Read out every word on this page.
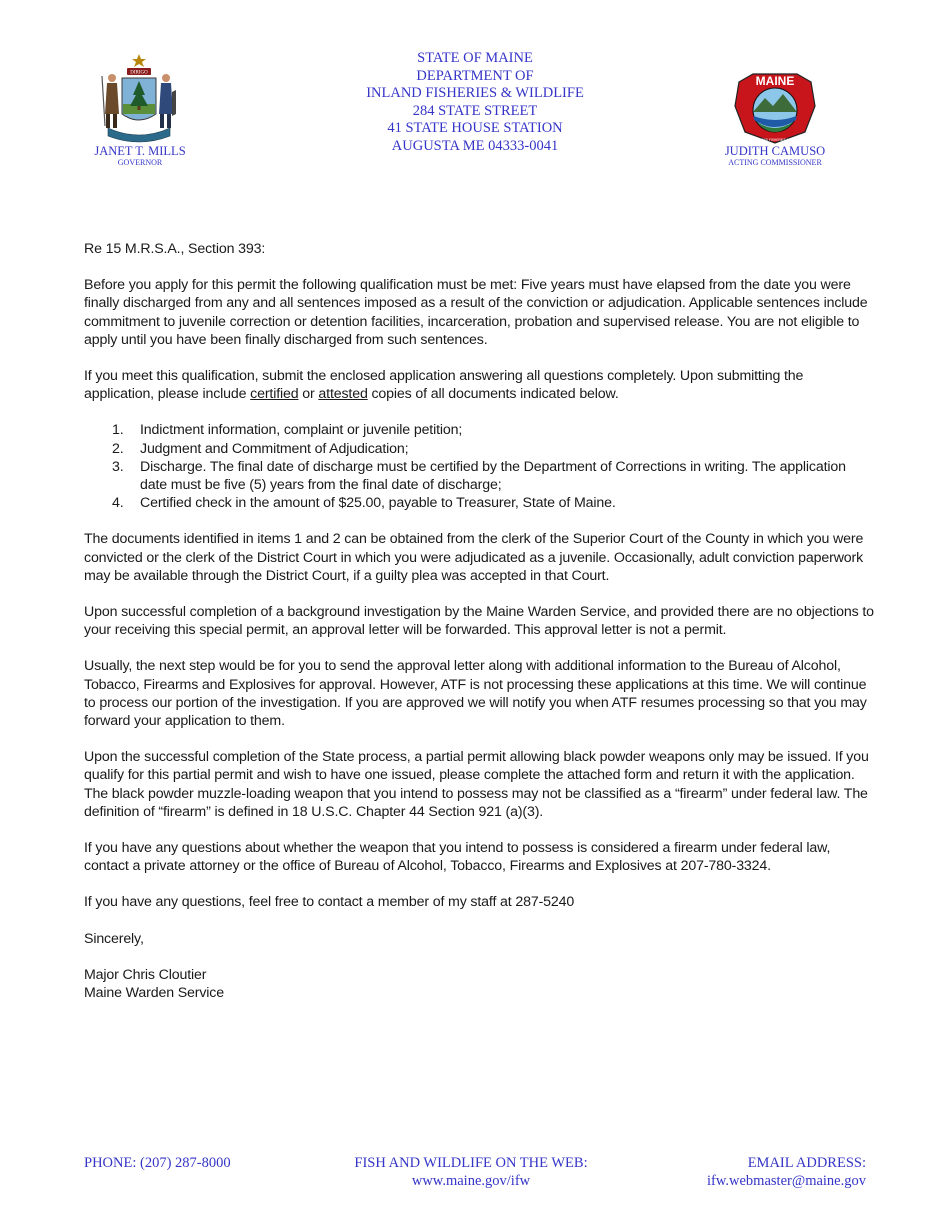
DIRIGO
JANET T. MILLS
GOVERNOR
STATE OF MAINE
DEPARTMENT OF
INLAND FISHERIES & WILDLIFE
284 STATE STREET
41 STATE HOUSE STATION
AUGUSTA ME 04333-0041
MAINE
DEPT. OF INLAND FISHERIES AND WILDLIFE
JUDITH CAMUSO
ACTING COMMISSIONER

Re 15 M.R.S.A., Section 393:

Before you apply for this permit the following qualification must be met: Five years must have elapsed from the date you were finally discharged from any and all sentences imposed as a result of the conviction or adjudication. Applicable sentences include commitment to juvenile correction or detention facilities, incarceration, probation and supervised release. You are not eligible to apply until you have been finally discharged from such sentences.

If you meet this qualification, submit the enclosed application answering all questions completely. Upon submitting the application, please include certified or attested copies of all documents indicated below.

1. Indictment information, complaint or juvenile petition;
2. Judgment and Commitment of Adjudication;
3. Discharge. The final date of discharge must be certified by the Department of Corrections in writing. The application date must be five (5) years from the final date of discharge;
4. Certified check in the amount of $25.00, payable to Treasurer, State of Maine.

The documents identified in items 1 and 2 can be obtained from the clerk of the Superior Court of the County in which you were convicted or the clerk of the District Court in which you were adjudicated as a juvenile. Occasionally, adult conviction paperwork may be available through the District Court, if a guilty plea was accepted in that Court.

Upon successful completion of a background investigation by the Maine Warden Service, and provided there are no objections to your receiving this special permit, an approval letter will be forwarded. This approval letter is not a permit.

Usually, the next step would be for you to send the approval letter along with additional information to the Bureau of Alcohol, Tobacco, Firearms and Explosives for approval. However, ATF is not processing these applications at this time. We will continue to process our portion of the investigation. If you are approved we will notify you when ATF resumes processing so that you may forward your application to them.

Upon the successful completion of the State process, a partial permit allowing black powder weapons only may be issued. If you qualify for this partial permit and wish to have one issued, please complete the attached form and return it with the application. The black powder muzzle-loading weapon that you intend to possess may not be classified as a “firearm” under federal law. The definition of “firearm” is defined in 18 U.S.C. Chapter 44 Section 921 (a)(3).

If you have any questions about whether the weapon that you intend to possess is considered a firearm under federal law, contact a private attorney or the office of Bureau of Alcohol, Tobacco, Firearms and Explosives at 207-780-3324.

If you have any questions, feel free to contact a member of my staff at 287-5240

Sincerely,

Major Chris Cloutier

Maine Warden Service

PHONE: (207) 287-8000	FISH AND WILDLIFE ON THE WEB:
www.maine.gov/ifw
EMAIL ADDRESS:
ifw.webmaster@maine.gov
